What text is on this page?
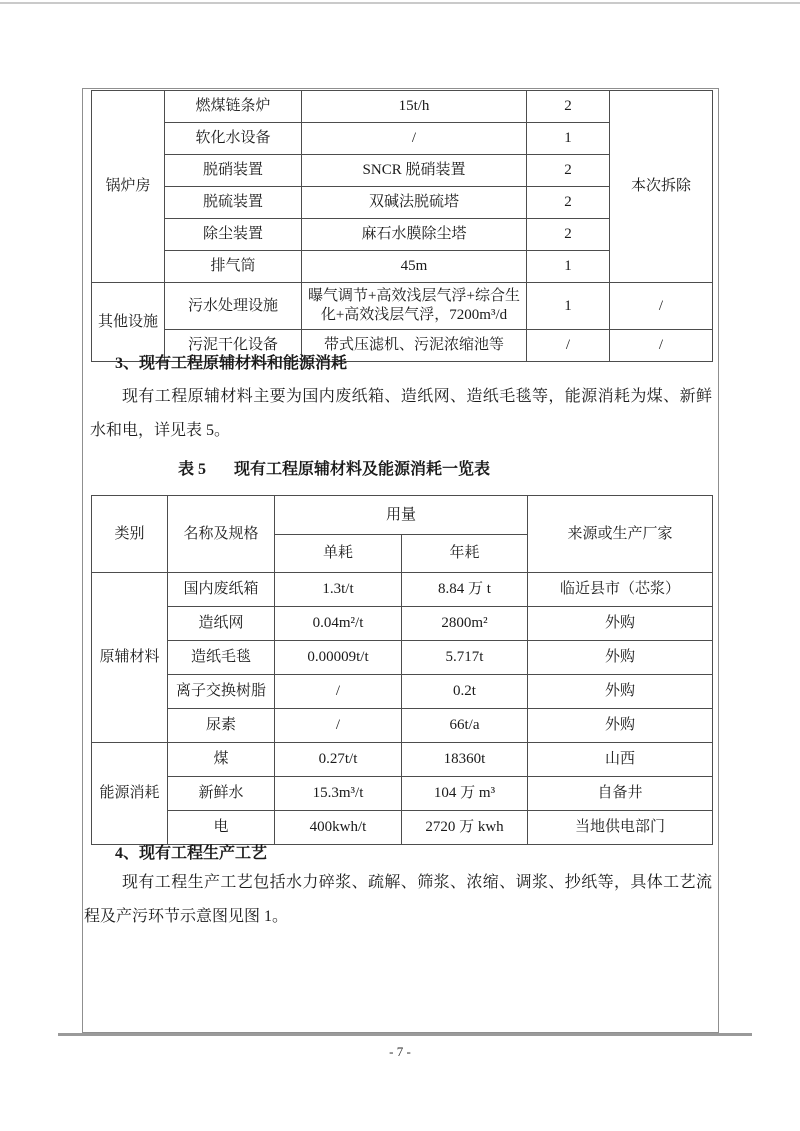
锅炉房	燃煤链条炉	15t/h	2	本次拆除
	软化水设备	/	1	
	脱硝装置	SNCR 脱硝装置	2	
	脱硫装置	双碱法脱硫塔	2	
	除尘装置	麻石水膜除尘塔	2	
	排气筒	45m	1	
其他设施	污水处理设施	曝气调节+高效浅层气浮+综合生化+高效浅层气浮，7200m³/d	1	/
	污泥干化设备	带式压滤机、污泥浓缩池等	/	/
3、现有工程原辅材料和能源消耗
现有工程原辅材料主要为国内废纸箱、造纸网、造纸毛毯等，能源消耗为煤、新鲜水和电，详见表 5。
表 5 现有工程原辅材料及能源消耗一览表
类别	名称及规格	用量		来源或生产厂家
		单耗	年耗	
原辅材料	国内废纸箱	1.3t/t	8.84 万 t	临近县市（芯浆）
	造纸网	0.04m²/t	2800m²	外购
	造纸毛毯	0.00009t/t	5.717t	外购
	离子交换树脂	/	0.2t	外购
	尿素	/	66t/a	外购
能源消耗	煤	0.27t/t	18360t	山西
	新鲜水	15.3m³/t	104 万 m³	自备井
	电	400kwh/t	2720 万 kwh	当地供电部门
4、现有工程生产工艺
现有工程生产工艺包括水力碎浆、疏解、筛浆、浓缩、调浆、抄纸等，具体工艺流程及产污环节示意图见图 1。
- 7 -
